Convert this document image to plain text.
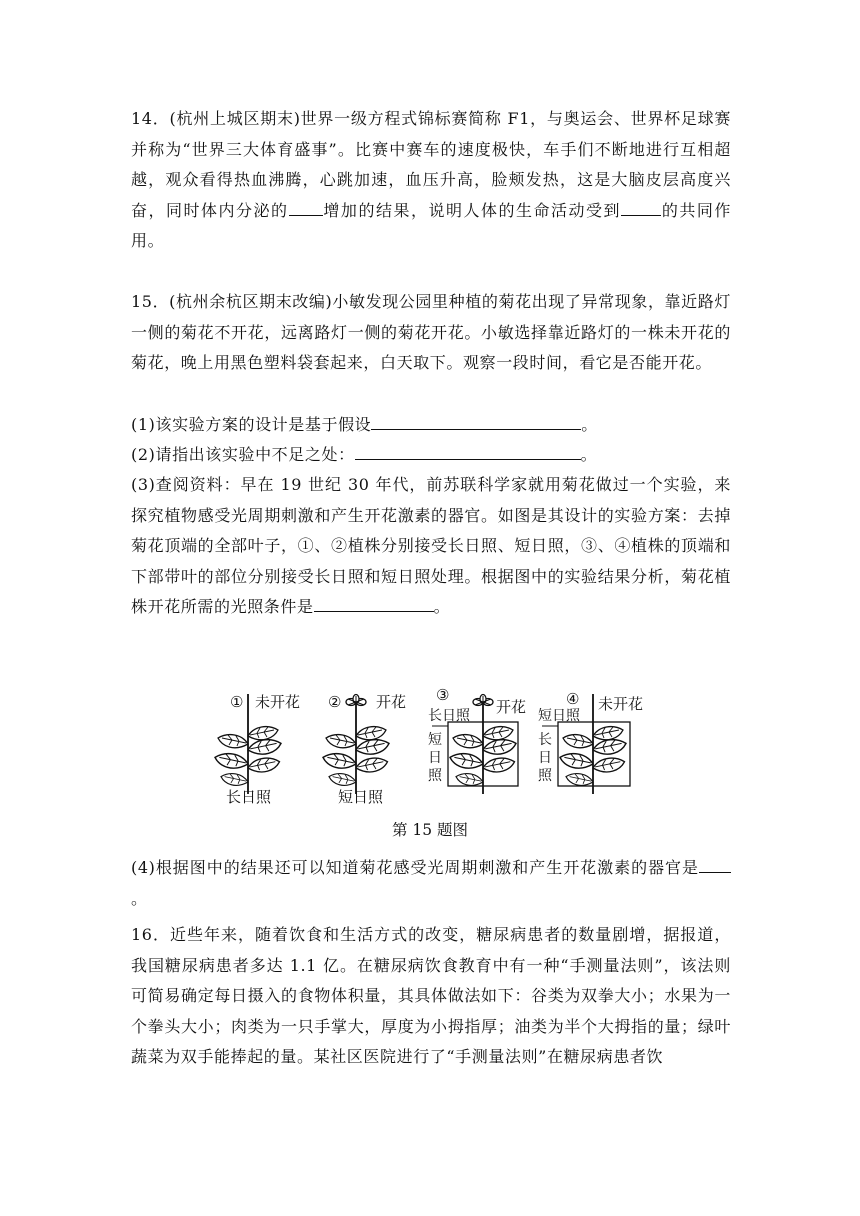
14．(杭州上城区期末)世界一级方程式锦标赛简称 F1，与奥运会、世界杯足球赛并称为“世界三大体育盛事”。比赛中赛车的速度极快，车手们不断地进行互相超越，观众看得热血沸腾，心跳加速，血压升高，脸颊发热，这是大脑皮层高度兴奋，同时体内分泌的 增加的结果，说明人体的生命活动受到	的共同作用。
15．(杭州余杭区期末改编)小敏发现公园里种植的菊花出现了异常现象，靠近路灯一侧的菊花不开花，远离路灯一侧的菊花开花。小敏选择靠近路灯的一株未开花的菊花，晚上用黑色塑料袋套起来，白天取下。观察一段时间，看它是否能开花。
(1)该实验方案的设计是基于假设	。
(2)请指出该实验中不足之处：	。
(3)查阅资料：早在 19 世纪 30 年代，前苏联科学家就用菊花做过一个实验，来探究植物感受光周期刺激和产生开花激素的器官。如图是其设计的实验方案：去掉菊花顶端的全部叶子，①、②植株分别接受长日照、短日照，③、④植株的顶端和下部带叶的部位分别接受长日照和短日照处理。根据图中的实验结果分析，菊花植株开花所需的光照条件是	。
① 未开花
长日照
② 开花
短日照
③
开花
长日照
短
日
照
④ 未开花
短日照
长
日
照
第 15 题图
(4)根据图中的结果还可以知道菊花感受光周期刺激和产生开花激素的器官是。
16．近些年来，随着饮食和生活方式的改变，糖尿病患者的数量剧增，据报道，我国糖尿病患者多达 1.1 亿。在糖尿病饮食教育中有一种“手测量法则”，该法则可简易确定每日摄入的食物体积量，其具体做法如下：谷类为双拳大小；水果为一个拳头大小；肉类为一只手掌大，厚度为小拇指厚；油类为半个大拇指的量；绿叶蔬菜为双手能捧起的量。某社区医院进行了“手测量法则”在糖尿病患者饮
